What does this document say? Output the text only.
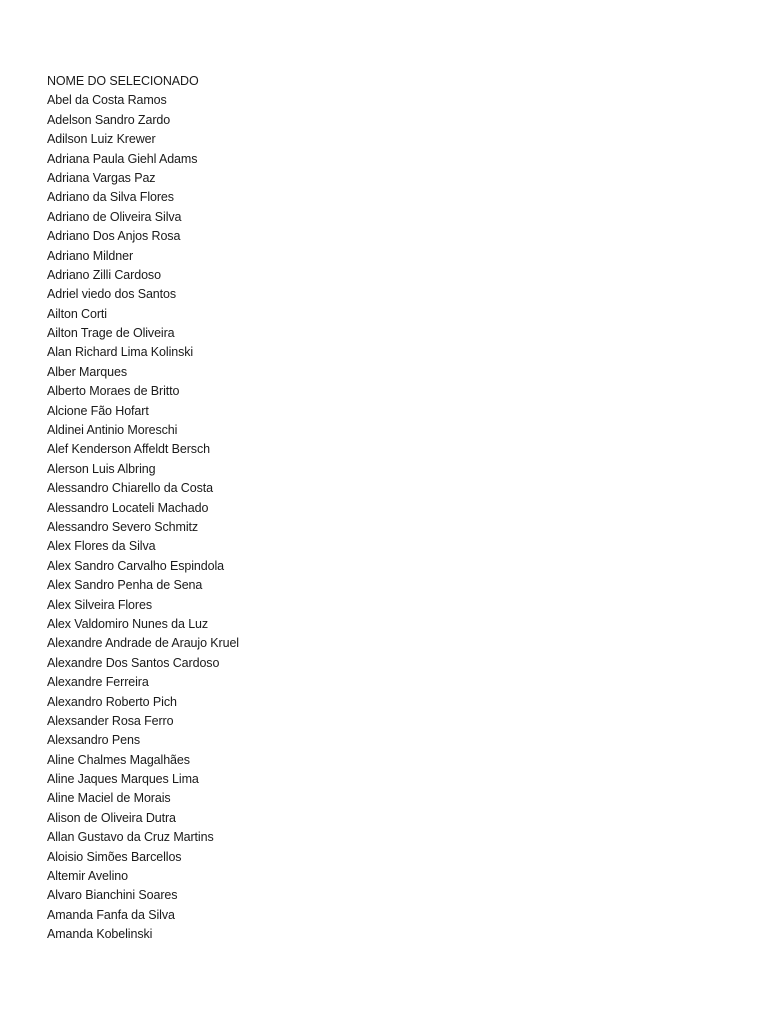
NOME DO SELECIONADO
Abel da Costa Ramos
Adelson Sandro Zardo
Adilson Luiz Krewer
Adriana Paula Giehl Adams
Adriana Vargas Paz
Adriano da Silva Flores
Adriano de Oliveira Silva
Adriano Dos Anjos Rosa
Adriano Mildner
Adriano Zilli Cardoso
Adriel viedo dos Santos
Ailton Corti
Ailton Trage de Oliveira
Alan Richard Lima Kolinski
Alber Marques
Alberto Moraes de Britto
Alcione Fão Hofart
Aldinei Antinio Moreschi
Alef Kenderson Affeldt Bersch
Alerson Luis Albring
Alessandro Chiarello da Costa
Alessandro Locateli Machado
Alessandro Severo Schmitz
Alex Flores da Silva
Alex Sandro Carvalho Espindola
Alex Sandro Penha de Sena
Alex Silveira Flores
Alex Valdomiro Nunes da Luz
Alexandre Andrade de Araujo Kruel
Alexandre Dos Santos Cardoso
Alexandre Ferreira
Alexandro Roberto Pich
Alexsander Rosa Ferro
Alexsandro Pens
Aline Chalmes Magalhães
Aline Jaques Marques Lima
Aline Maciel de Morais
Alison de Oliveira Dutra
Allan Gustavo da Cruz Martins
Aloisio Simões Barcellos
Altemir Avelino
Alvaro Bianchini Soares
Amanda Fanfa da Silva
Amanda Kobelinski
